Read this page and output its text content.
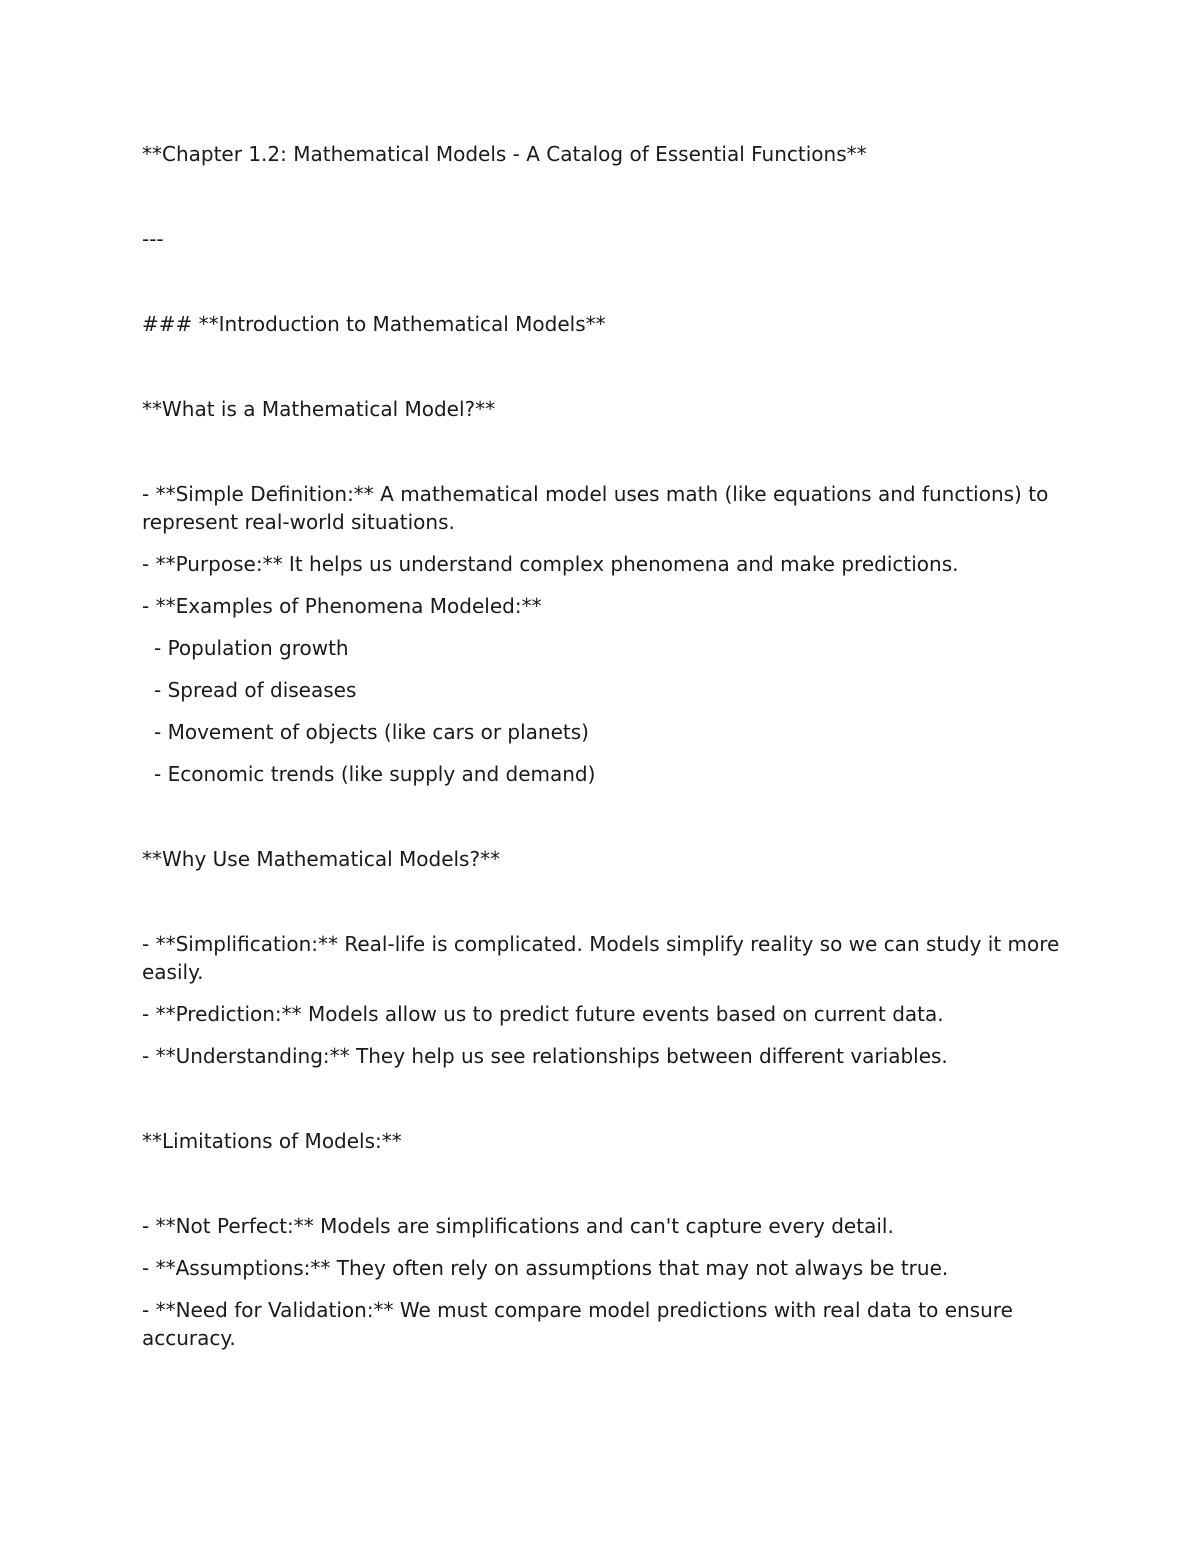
**Chapter 1.2: Mathematical Models - A Catalog of Essential Functions**

---

### **Introduction to Mathematical Models**

**What is a Mathematical Model?**

- **Simple Definition:** A mathematical model uses math (like equations and functions) to represent real-world situations.

- **Purpose:** It helps us understand complex phenomena and make predictions.

- **Examples of Phenomena Modeled:**

- Population growth

- Spread of diseases

- Movement of objects (like cars or planets)

- Economic trends (like supply and demand)

**Why Use Mathematical Models?**

- **Simplification:** Real-life is complicated. Models simplify reality so we can study it more easily.

- **Prediction:** Models allow us to predict future events based on current data.

- **Understanding:** They help us see relationships between different variables.

**Limitations of Models:**

- **Not Perfect:** Models are simplifications and can't capture every detail.

- **Assumptions:** They often rely on assumptions that may not always be true.

- **Need for Validation:** We must compare model predictions with real data to ensure accuracy.
